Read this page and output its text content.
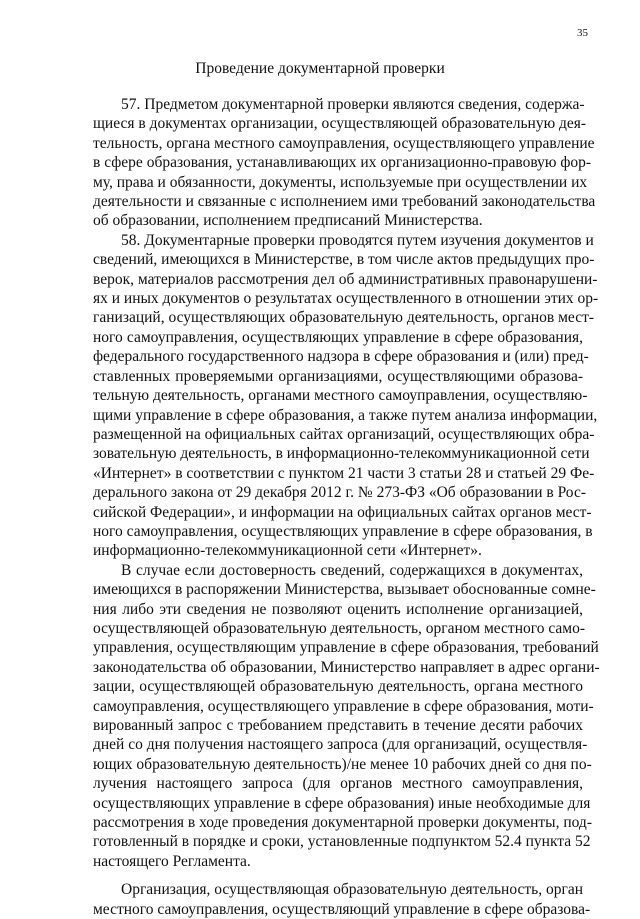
35
Проведение документарной проверки
57. Предметом документарной проверки являются сведения, содержа-
щиеся в документах организации, осуществляющей образовательную дея-
тельность, органа местного самоуправления, осуществляющего управление
в сфере образования, устанавливающих их организационно-правовую фор-
му, права и обязанности, документы, используемые при осуществлении их
деятельности и связанные с исполнением ими требований законодательства
об образовании, исполнением предписаний Министерства.
58. Документарные проверки проводятся путем изучения документов и
сведений, имеющихся в Министерстве, в том числе актов предыдущих про-
верок, материалов рассмотрения дел об административных правонарушени-
ях и иных документов о результатах осуществленного в отношении этих ор-
ганизаций, осуществляющих образовательную деятельность, органов мест-
ного самоуправления, осуществляющих управление в сфере образования,
федерального государственного надзора в сфере образования и (или) пред-
ставленных проверяемыми организациями, осуществляющими образова-
тельную деятельность, органами местного самоуправления, осуществляю-
щими управление в сфере образования, а также путем анализа информации,
размещенной на официальных сайтах организаций, осуществляющих обра-
зовательную деятельность, в информационно-телекоммуникационной сети
«Интернет» в соответствии с пунктом 21 части 3 статьи 28 и статьей 29 Фе-
дерального закона от 29 декабря 2012 г. № 273-ФЗ «Об образовании в Рос-
сийской Федерации», и информации на официальных сайтах органов мест-
ного самоуправления, осуществляющих управление в сфере образования, в
информационно-телекоммуникационной сети «Интернет».
В случае если достоверность сведений, содержащихся в документах,
имеющихся в распоряжении Министерства, вызывает обоснованные сомне-
ния либо эти сведения не позволяют оценить исполнение организацией,
осуществляющей образовательную деятельность, органом местного само-
управления, осуществляющим управление в сфере образования, требований
законодательства об образовании, Министерство направляет в адрес органи-
зации, осуществляющей образовательную деятельность, органа местного
самоуправления, осуществляющего управление в сфере образования, моти-
вированный запрос с требованием представить в течение десяти рабочих
дней со дня получения настоящего запроса (для организаций, осуществля-
ющих образовательную деятельность)/не менее 10 рабочих дней со дня по-
лучения настоящего запроса (для органов местного самоуправления,
осуществляющих управление в сфере образования) иные необходимые для
рассмотрения в ходе проведения документарной проверки документы, под-
готовленный в порядке и сроки, установленные подпунктом 52.4 пункта 52
настоящего Регламента.
Организация, осуществляющая образовательную деятельность, орган
местного самоуправления, осуществляющий управление в сфере образова-
